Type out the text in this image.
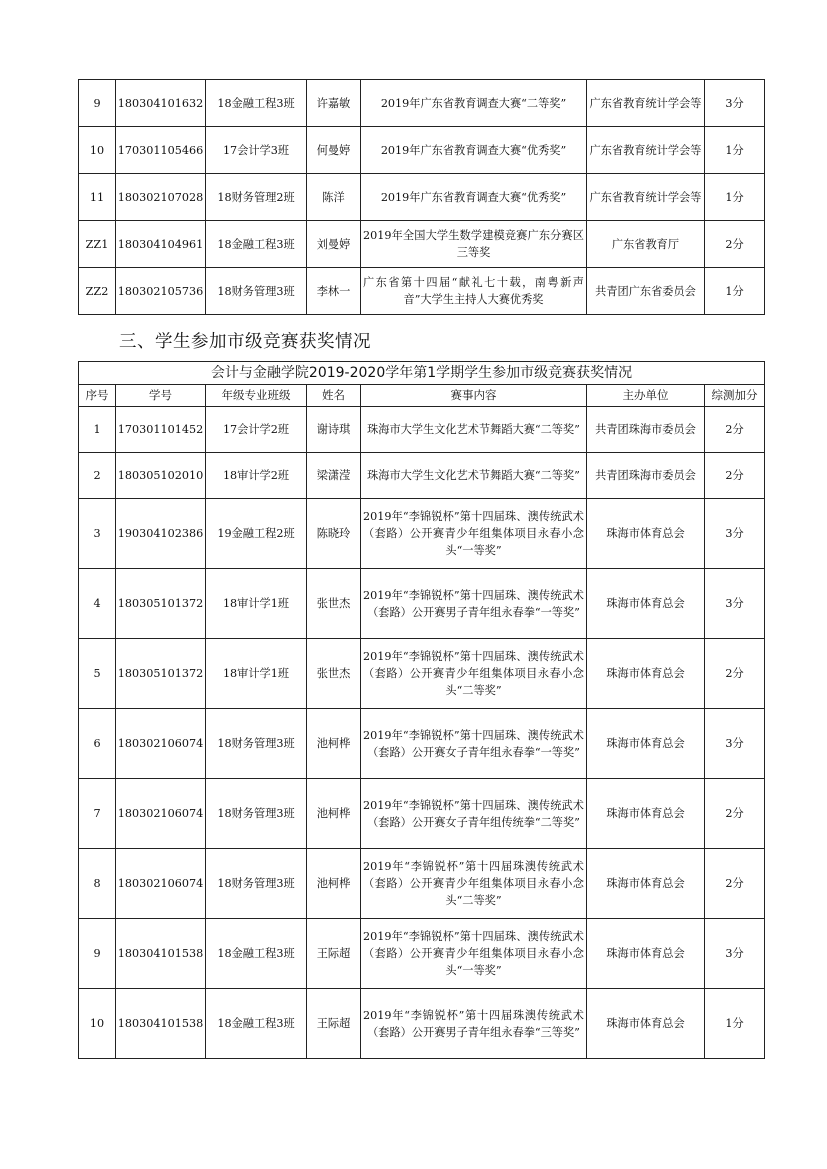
9	180304101632	18金融工程3班	许嘉敏	2019年广东省教育调查大赛“二等奖”	广东省教育统计学会等	3分
10	170301105466	17会计学3班	何曼婷	2019年广东省教育调查大赛“优秀奖”	广东省教育统计学会等	1分
11	180302107028	18财务管理2班	陈洋	2019年广东省教育调查大赛“优秀奖”	广东省教育统计学会等	1分
ZZ1	180304104961	18金融工程3班	刘曼婷	2019年全国大学生数学建模竞赛广东分赛区三等奖	广东省教育厅	2分
ZZ2	180302105736	18财务管理3班	李林一	广东省第十四届“献礼七十载，南粤新声音”大学生主持人大赛优秀奖	共青团广东省委员会	1分
三、学生参加市级竞赛获奖情况
会计与金融学院2019-2020学年第1学期学生参加市级竞赛获奖情况						
序号	学号	年级专业班级	姓名	赛事内容	主办单位	综测加分
1	170301101452	17会计学2班	谢诗琪	珠海市大学生文化艺术节舞蹈大赛“二等奖”	共青团珠海市委员会	2分
2	180305102010	18审计学2班	梁潇滢	珠海市大学生文化艺术节舞蹈大赛“二等奖”	共青团珠海市委员会	2分
3	190304102386	19金融工程2班	陈晓玲	2019年“李锦锐杯”第十四届珠、澳传统武术（套路）公开赛青少年组集体项目永春小念头“一等奖”	珠海市体育总会	3分
4	180305101372	18审计学1班	张世杰	2019年“李锦锐杯”第十四届珠、澳传统武术（套路）公开赛男子青年组永春拳“一等奖”	珠海市体育总会	3分
5	180305101372	18审计学1班	张世杰	2019年“李锦锐杯”第十四届珠、澳传统武术（套路）公开赛青少年组集体项目永春小念头“二等奖”	珠海市体育总会	2分
6	180302106074	18财务管理3班	池柯桦	2019年“李锦锐杯”第十四届珠、澳传统武术（套路）公开赛女子青年组永春拳“一等奖”	珠海市体育总会	3分
7	180302106074	18财务管理3班	池柯桦	2019年“李锦锐杯”第十四届珠、澳传统武术（套路）公开赛女子青年组传统拳“二等奖”	珠海市体育总会	2分
8	180302106074	18财务管理3班	池柯桦	2019年“李锦锐杯”第十四届珠澳传统武术（套路）公开赛青少年组集体项目永春小念头“二等奖”	珠海市体育总会	2分
9	180304101538	18金融工程3班	王际超	2019年“李锦锐杯”第十四届珠、澳传统武术（套路）公开赛青少年组集体项目永春小念头“一等奖”	珠海市体育总会	3分
10	180304101538	18金融工程3班	王际超	2019年“李锦锐杯”第十四届珠澳传统武术（套路）公开赛男子青年组永春拳“三等奖”	珠海市体育总会	1分
